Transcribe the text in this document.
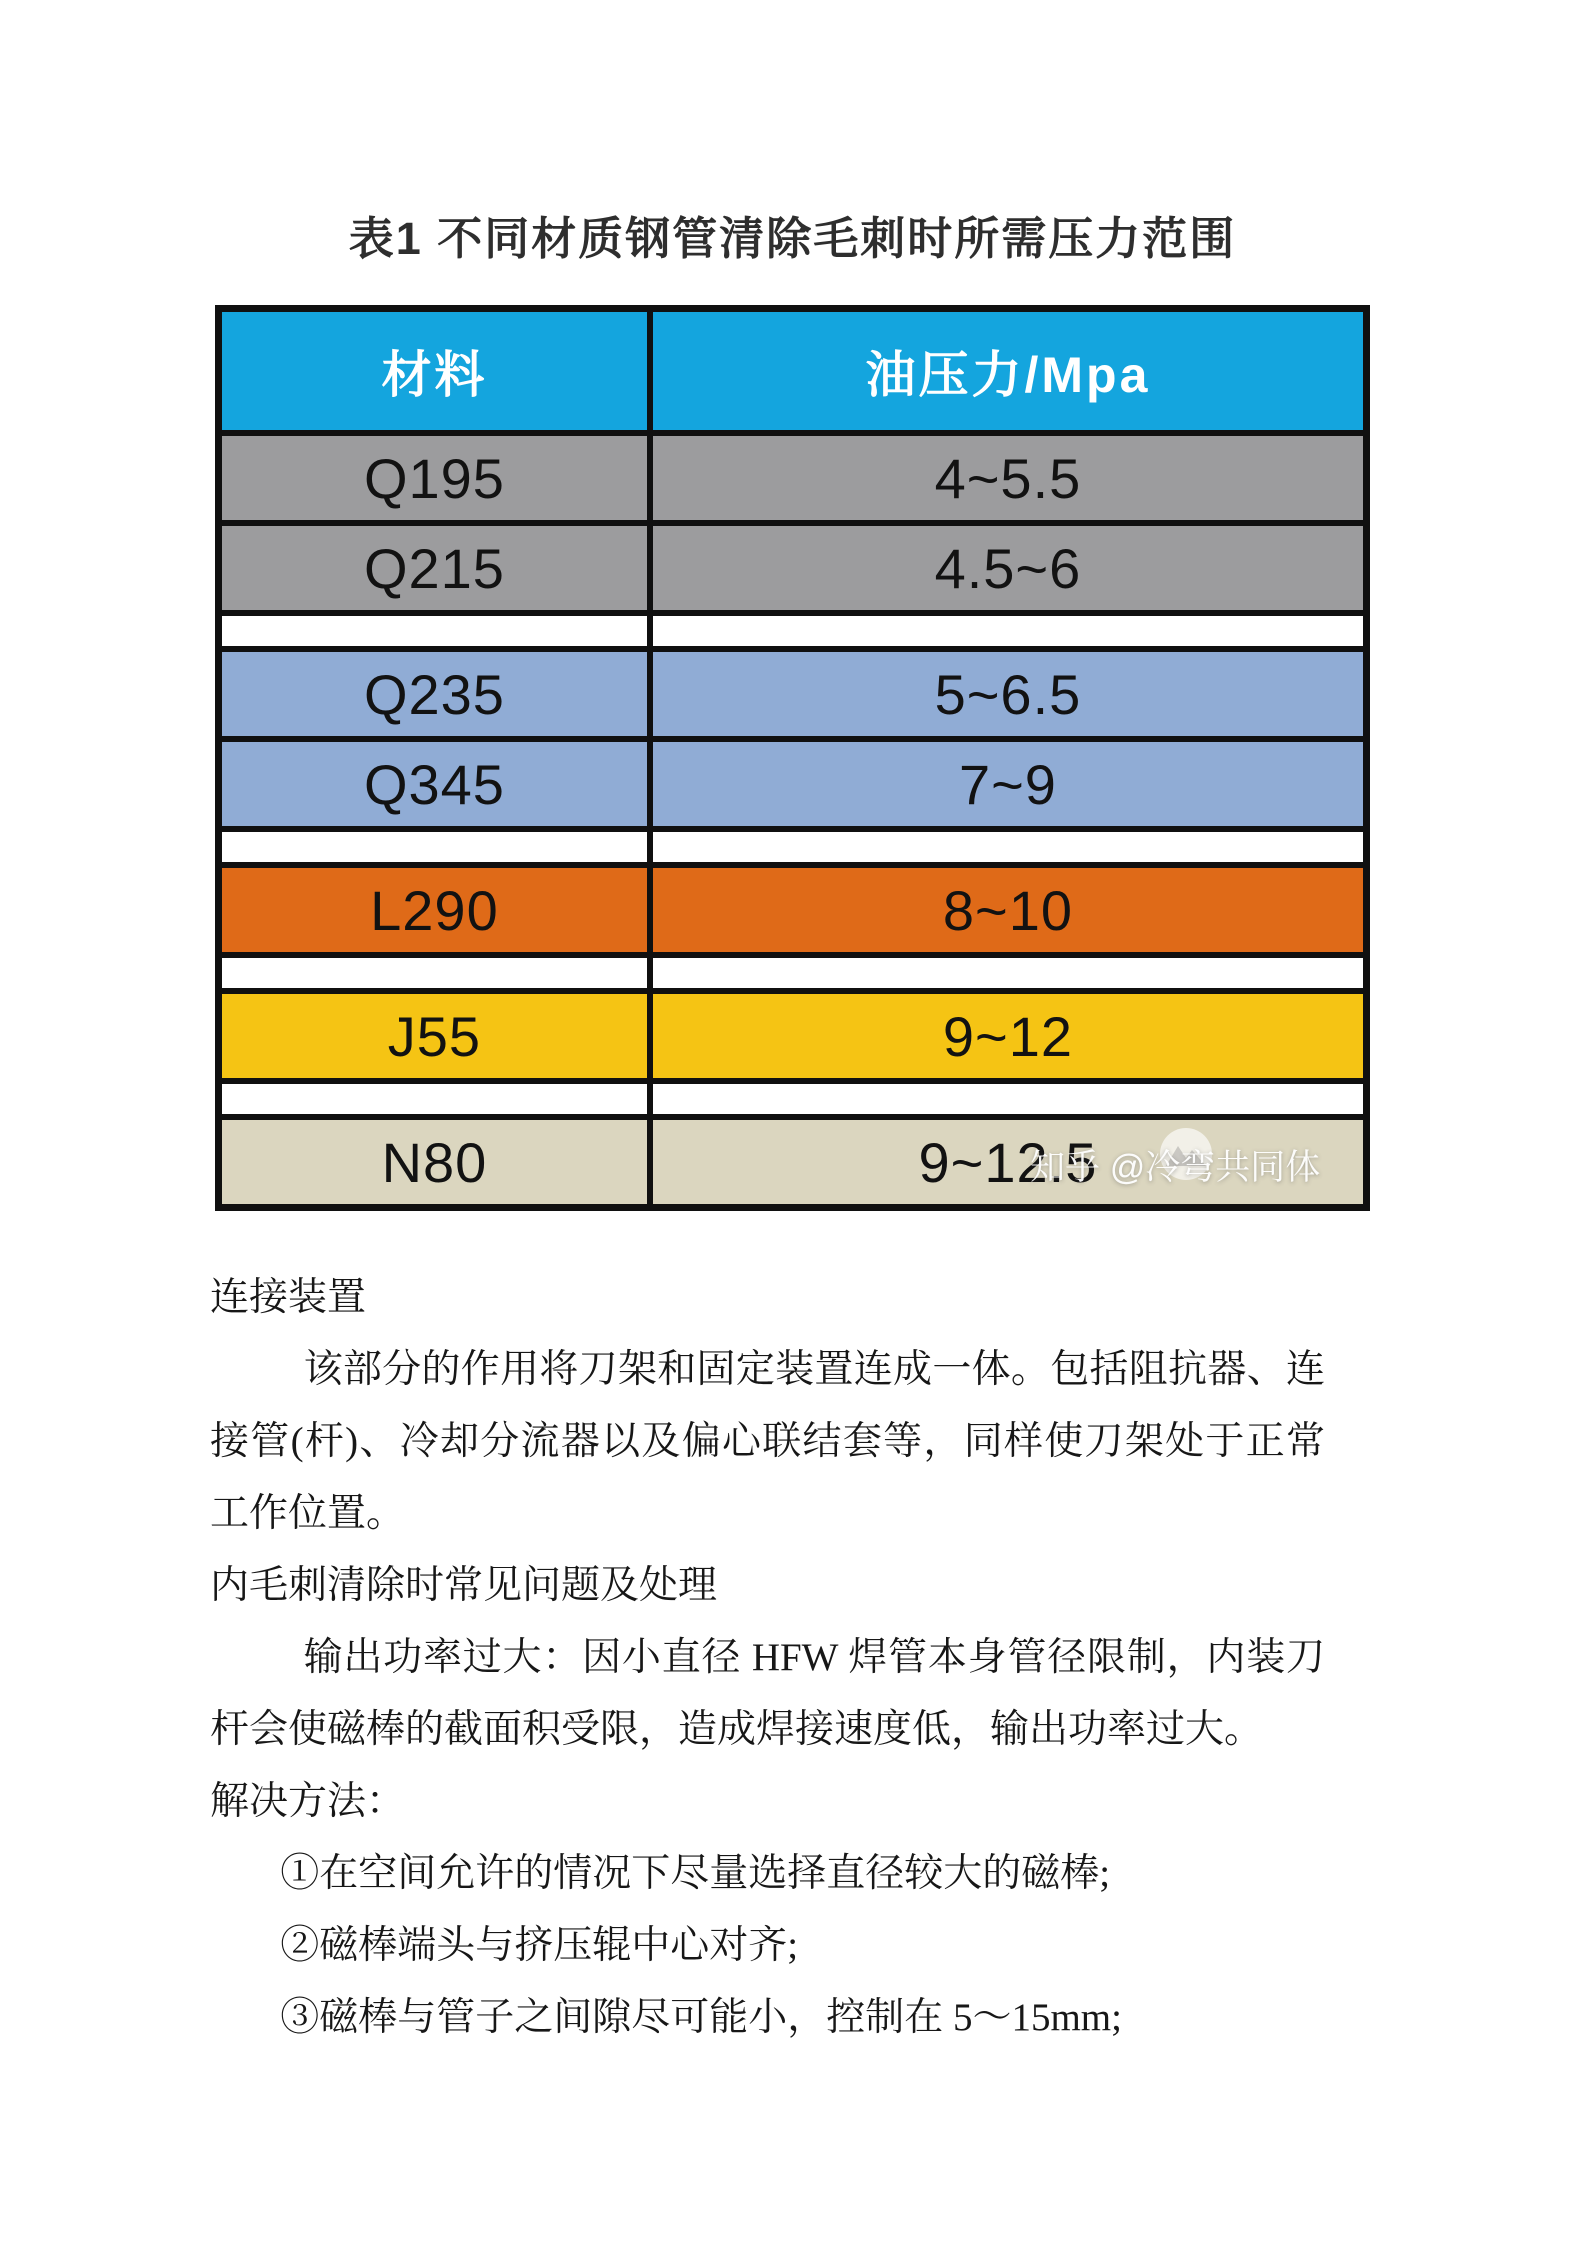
表1 不同材质钢管清除毛刺时所需压力范围
材料	油压力/Mpa
Q195	4~5.5
Q215	4.5~6
Q235	5~6.5
Q345	7~9
L290	8~10
J55	9~12
N80	9~12.5
知乎 @冷弯共同体

连接装置

该部分的作用将刀架和固定装置连成一体。包括阻抗器、连接管(杆)、冷却分流器以及偏心联结套等，同样使刀架处于正常工作位置。

内毛刺清除时常见问题及处理

输出功率过大：因小直径 HFW 焊管本身管径限制，内装刀杆会使磁棒的截面积受限，造成焊接速度低，输出功率过大。

解决方法：

①在空间允许的情况下尽量选择直径较大的磁棒;

②磁棒端头与挤压辊中心对齐;

③磁棒与管子之间隙尽可能小，控制在 5～15mm;
